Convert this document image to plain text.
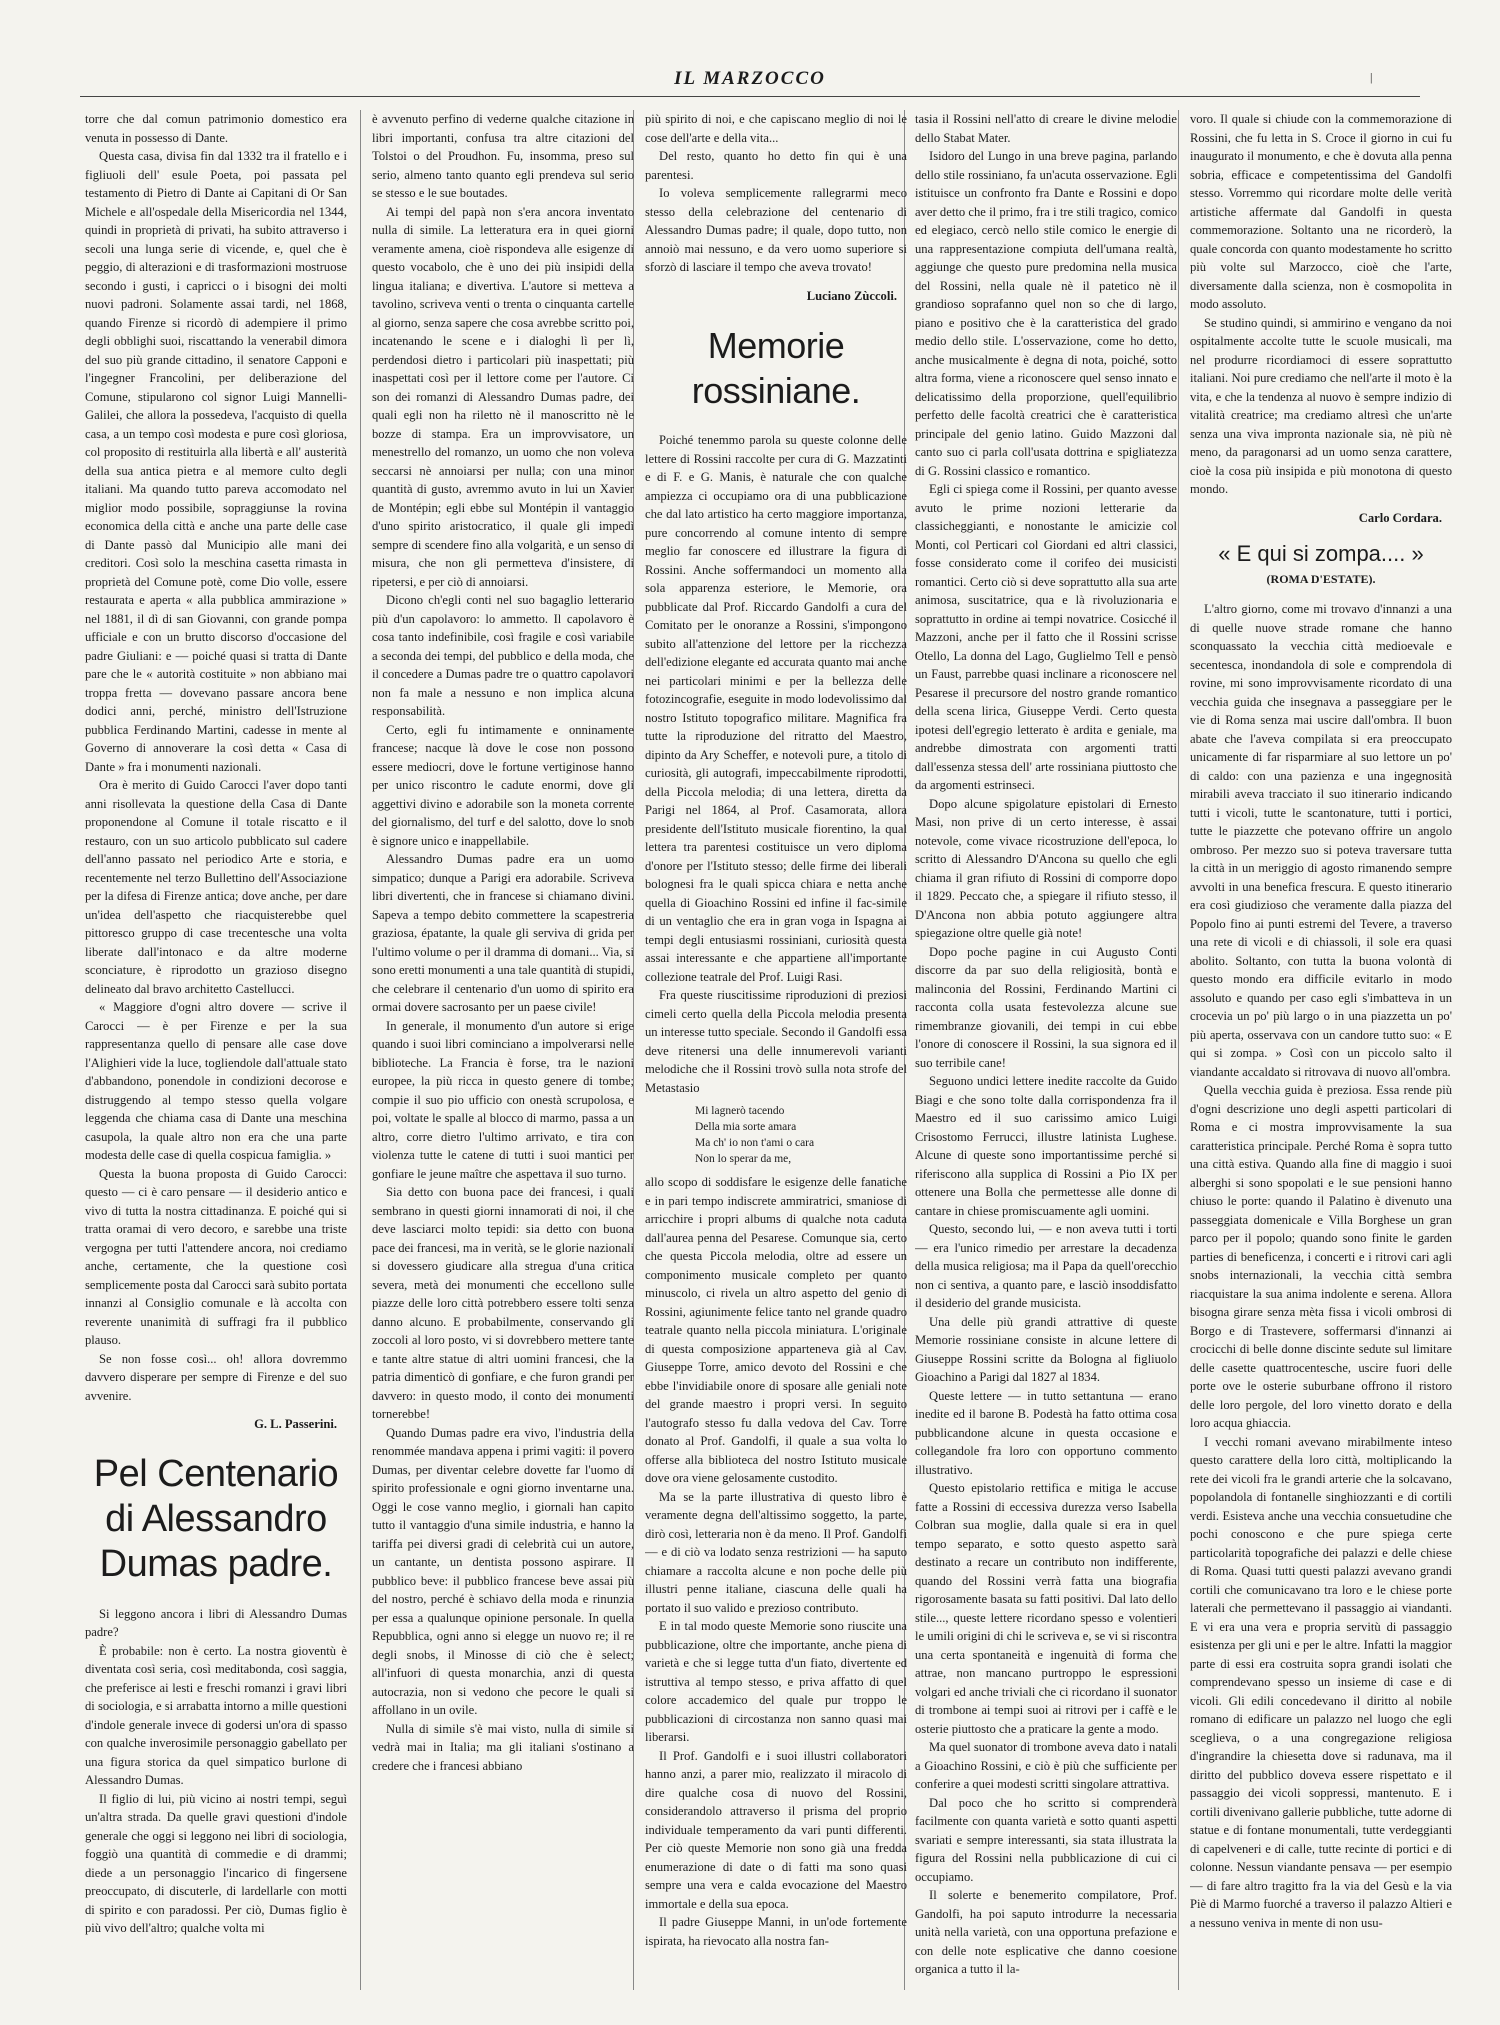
IL MARZOCCO	|

torre che dal comun patrimonio domestico era venuta in possesso di Dante.

Questa casa, divisa fin dal 1332 tra il fratello e i figliuoli dell' esule Poeta, poi passata pel testamento di Pietro di Dante ai Capitani di Or San Michele e all'ospedale della Misericordia nel 1344, quindi in proprietà di privati, ha subito attraverso i secoli una lunga serie di vicende, e, quel che è peggio, di alterazioni e di trasformazioni mostruose secondo i gusti, i capricci o i bisogni dei molti nuovi padroni. Solamente assai tardi, nel 1868, quando Firenze si ricordò di adempiere il primo degli obblighi suoi, riscattando la venerabil dimora del suo più grande cittadino, il senatore Capponi e l'ingegner Francolini, per deliberazione del Comune, stipularono col signor Luigi Mannelli-Galilei, che allora la possedeva, l'acquisto di quella casa, a un tempo così modesta e pure così gloriosa, col proposito di restituirla alla libertà e all' austerità della sua antica pietra e al memore culto degli italiani. Ma quando tutto pareva accomodato nel miglior modo possibile, sopraggiunse la rovina economica della città e anche una parte delle case di Dante passò dal Municipio alle mani dei creditori. Così solo la meschina casetta rimasta in proprietà del Comune potè, come Dio volle, essere restaurata e aperta « alla pubblica ammirazione » nel 1881, il dì di san Giovanni, con grande pompa ufficiale e con un brutto discorso d'occasione del padre Giuliani: e — poiché quasi si tratta di Dante pare che le « autorità costituite » non abbiano mai troppa fretta — dovevano passare ancora bene dodici anni, perché, ministro dell'Istruzione pubblica Ferdinando Martini, cadesse in mente al Governo di annoverare la così detta « Casa di Dante » fra i monumenti nazionali.

Ora è merito di Guido Carocci l'aver dopo tanti anni risollevata la questione della Casa di Dante proponendone al Comune il totale riscatto e il restauro, con un suo articolo pubblicato sul cadere dell'anno passato nel periodico Arte e storia, e recentemente nel terzo Bullettino dell'Associazione per la difesa di Firenze antica; dove anche, per dare un'idea dell'aspetto che riacquisterebbe quel pittoresco gruppo di case trecentesche una volta liberate dall'intonaco e da altre moderne sconciature, è riprodotto un grazioso disegno delineato dal bravo architetto Castellucci.

« Maggiore d'ogni altro dovere — scrive il Carocci — è per Firenze e per la sua rappresentanza quello di pensare alle case dove l'Alighieri vide la luce, togliendole dall'attuale stato d'abbandono, ponendole in condizioni decorose e distruggendo al tempo stesso quella volgare leggenda che chiama casa di Dante una meschina casupola, la quale altro non era che una parte modesta delle case di quella cospicua famiglia. »

Questa la buona proposta di Guido Carocci: questo — ci è caro pensare — il desiderio antico e vivo di tutta la nostra cittadinanza. E poiché qui si tratta oramai di vero decoro, e sarebbe una triste vergogna per tutti l'attendere ancora, noi crediamo anche, certamente, che la questione così semplicemente posta dal Carocci sarà subito portata innanzi al Consiglio comunale e là accolta con reverente unanimità di suffragi fra il pubblico plauso.

Se non fosse così... oh! allora dovremmo davvero disperare per sempre di Firenze e del suo avvenire.

G. L. Passerini.
Pel Centenario di Alessandro Dumas padre.

Si leggono ancora i libri di Alessandro Dumas padre?

È probabile: non è certo. La nostra gioventù è diventata così seria, così meditabonda, così saggia, che preferisce ai lesti e freschi romanzi i gravi libri di sociologia, e si arrabatta intorno a mille questioni d'indole generale invece di godersi un'ora di spasso con qualche inverosimile personaggio gabellato per una figura storica da quel simpatico burlone di Alessandro Dumas.

Il figlio di lui, più vicino ai nostri tempi, seguì un'altra strada. Da quelle gravi questioni d'indole generale che oggi si leggono nei libri di sociologia, foggiò una quantità di commedie e di drammi; diede a un personaggio l'incarico di fingersene preoccupato, di discuterle, di lardellarle con motti di spirito e con paradossi. Per ciò, Dumas figlio è più vivo dell'altro; qualche volta mi

è avvenuto perfino di vederne qualche citazione in libri importanti, confusa tra altre citazioni del Tolstoi o del Proudhon. Fu, insomma, preso sul serio, almeno tanto quanto egli prendeva sul serio se stesso e le sue boutades.

Ai tempi del papà non s'era ancora inventato nulla di simile. La letteratura era in quei giorni veramente amena, cioè rispondeva alle esigenze di questo vocabolo, che è uno dei più insipidi della lingua italiana; e divertiva. L'autore si metteva a tavolino, scriveva venti o trenta o cinquanta cartelle al giorno, senza sapere che cosa avrebbe scritto poi, incatenando le scene e i dialoghi lì per lì, perdendosi dietro i particolari più inaspettati; più inaspettati così per il lettore come per l'autore. Ci son dei romanzi di Alessandro Dumas padre, dei quali egli non ha riletto nè il manoscritto nè le bozze di stampa. Era un improvvisatore, un menestrello del romanzo, un uomo che non voleva seccarsi nè annoiarsi per nulla; con una minor quantità di gusto, avremmo avuto in lui un Xavier de Montépin; egli ebbe sul Montépin il vantaggio d'uno spirito aristocratico, il quale gli impedì sempre di scendere fino alla volgarità, e un senso di misura, che non gli permetteva d'insistere, di ripetersi, e per ciò di annoiarsi.

Dicono ch'egli conti nel suo bagaglio letterario più d'un capolavoro: lo ammetto. Il capolavoro è cosa tanto indefinibile, così fragile e così variabile a seconda dei tempi, del pubblico e della moda, che il concedere a Dumas padre tre o quattro capolavori non fa male a nessuno e non implica alcuna responsabilità.

Certo, egli fu intimamente e onninamente francese; nacque là dove le cose non possono essere mediocri, dove le fortune vertiginose hanno per unico riscontro le cadute enormi, dove gli aggettivi divino e adorabile son la moneta corrente del giornalismo, del turf e del salotto, dove lo snob è signore unico e inappellabile.

Alessandro Dumas padre era un uomo simpatico; dunque a Parigi era adorabile. Scriveva libri divertenti, che in francese si chiamano divini. Sapeva a tempo debito commettere la scapestreria graziosa, épatante, la quale gli serviva di grida per l'ultimo volume o per il dramma di domani... Via, si sono eretti monumenti a una tale quantità di stupidi, che celebrare il centenario d'un uomo di spirito era ormai dovere sacrosanto per un paese civile!

In generale, il monumento d'un autore si erige quando i suoi libri cominciano a impolverarsi nelle biblioteche. La Francia è forse, tra le nazioni europee, la più ricca in questo genere di tombe; compie il suo pio ufficio con onestà scrupolosa, e poi, voltate le spalle al blocco di marmo, passa a un altro, corre dietro l'ultimo arrivato, e tira con violenza tutte le catene di tutti i suoi mantici per gonfiare le jeune maître che aspettava il suo turno.

Sia detto con buona pace dei francesi, i quali sembrano in questi giorni innamorati di noi, il che deve lasciarci molto tepidi: sia detto con buona pace dei francesi, ma in verità, se le glorie nazionali si dovessero giudicare alla stregua d'una critica severa, metà dei monumenti che eccellono sulle piazze delle loro città potrebbero essere tolti senza danno alcuno. E probabilmente, conservando gli zoccoli al loro posto, vi si dovrebbero mettere tante e tante altre statue di altri uomini francesi, che la patria dimenticò di gonfiare, e che furon grandi per davvero: in questo modo, il conto dei monumenti tornerebbe!

Quando Dumas padre era vivo, l'industria della renommée mandava appena i primi vagiti: il povero Dumas, per diventar celebre dovette far l'uomo di spirito professionale e ogni giorno inventarne una. Oggi le cose vanno meglio, i giornali han capito tutto il vantaggio d'una simile industria, e hanno la tariffa pei diversi gradi di celebrità cui un autore, un cantante, un dentista possono aspirare. Il pubblico beve: il pubblico francese beve assai più del nostro, perché è schiavo della moda e rinunzia per essa a qualunque opinione personale. In quella Repubblica, ogni anno si elegge un nuovo re; il re degli snobs, il Minosse di ciò che è select; all'infuori di questa monarchia, anzi di questa autocrazia, non si vedono che pecore le quali si affollano in un ovile.

Nulla di simile s'è mai visto, nulla di simile si vedrà mai in Italia; ma gli italiani s'ostinano a credere che i francesi abbiano

più spirito di noi, e che capiscano meglio di noi le cose dell'arte e della vita...

Del resto, quanto ho detto fin qui è una parentesi.

Io voleva semplicemente rallegrarmi meco stesso della celebrazione del centenario di Alessandro Dumas padre; il quale, dopo tutto, non annoiò mai nessuno, e da vero uomo superiore si sforzò di lasciare il tempo che aveva trovato!

Luciano Zùccoli.
Memorie rossiniane.

Poiché tenemmo parola su queste colonne delle lettere di Rossini raccolte per cura di G. Mazzatinti e di F. e G. Manis, è naturale che con qualche ampiezza ci occupiamo ora di una pubblicazione che dal lato artistico ha certo maggiore importanza, pure concorrendo al comune intento di sempre meglio far conoscere ed illustrare la figura di Rossini. Anche soffermandoci un momento alla sola apparenza esteriore, le Memorie, ora pubblicate dal Prof. Riccardo Gandolfi a cura del Comitato per le onoranze a Rossini, s'impongono subito all'attenzione del lettore per la ricchezza dell'edizione elegante ed accurata quanto mai anche nei particolari minimi e per la bellezza delle fotozincografie, eseguite in modo lodevolissimo dal nostro Istituto topografico militare. Magnifica fra tutte la riproduzione del ritratto del Maestro, dipinto da Ary Scheffer, e notevoli pure, a titolo di curiosità, gli autografi, impeccabilmente riprodotti, della Piccola melodia; di una lettera, diretta da Parigi nel 1864, al Prof. Casamorata, allora presidente dell'Istituto musicale fiorentino, la qual lettera tra parentesi costituisce un vero diploma d'onore per l'Istituto stesso; delle firme dei liberali bolognesi fra le quali spicca chiara e netta anche quella di Gioachino Rossini ed infine il fac-simile di un ventaglio che era in gran voga in Ispagna ai tempi degli entusiasmi rossiniani, curiosità questa assai interessante e che appartiene all'importante collezione teatrale del Prof. Luigi Rasi.

Fra queste riuscitissime riproduzioni di preziosi cimeli certo quella della Piccola melodia presenta un interesse tutto speciale. Secondo il Gandolfi essa deve ritenersi una delle innumerevoli varianti melodiche che il Rossini trovò sulla nota strofe del Metastasio

Mi lagnerò tacendo
Della mia sorte amara
Ma ch' io non t'ami o cara
Non lo sperar da me,

allo scopo di soddisfare le esigenze delle fanatiche e in pari tempo indiscrete ammiratrici, smaniose di arricchire i propri albums di qualche nota caduta dall'aurea penna del Pesarese. Comunque sia, certo che questa Piccola melodia, oltre ad essere un componimento musicale completo per quanto minuscolo, ci rivela un altro aspetto del genio di Rossini, agiunimente felice tanto nel grande quadro teatrale quanto nella piccola miniatura. L'originale di questa composizione apparteneva già al Cav. Giuseppe Torre, amico devoto del Rossini e che ebbe l'invidiabile onore di sposare alle geniali note del grande maestro i propri versi. In seguito l'autografo stesso fu dalla vedova del Cav. Torre donato al Prof. Gandolfi, il quale a sua volta lo offerse alla biblioteca del nostro Istituto musicale dove ora viene gelosamente custodito.

Ma se la parte illustrativa di questo libro è veramente degna dell'altissimo soggetto, la parte, dirò così, letteraria non è da meno. Il Prof. Gandolfi — e di ciò va lodato senza restrizioni — ha saputo chiamare a raccolta alcune e non poche delle più illustri penne italiane, ciascuna delle quali ha portato il suo valido e prezioso contributo.

E in tal modo queste Memorie sono riuscite una pubblicazione, oltre che importante, anche piena di varietà e che si legge tutta d'un fiato, divertente ed istruttiva al tempo stesso, e priva affatto di quel colore accademico del quale pur troppo le pubblicazioni di circostanza non sanno quasi mai liberarsi.

Il Prof. Gandolfi e i suoi illustri collaboratori hanno anzi, a parer mio, realizzato il miracolo di dire qualche cosa di nuovo del Rossini, considerandolo attraverso il prisma del proprio individuale temperamento da vari punti differenti. Per ciò queste Memorie non sono già una fredda enumerazione di date o di fatti ma sono quasi sempre una vera e calda evocazione del Maestro immortale e della sua epoca.

Il padre Giuseppe Manni, in un'ode fortemente ispirata, ha rievocato alla nostra fan-

tasia il Rossini nell'atto di creare le divine melodie dello Stabat Mater.

Isidoro del Lungo in una breve pagina, parlando dello stile rossiniano, fa un'acuta osservazione. Egli istituisce un confronto fra Dante e Rossini e dopo aver detto che il primo, fra i tre stili tragico, comico ed elegiaco, cercò nello stile comico le energie di una rappresentazione compiuta dell'umana realtà, aggiunge che questo pure predomina nella musica del Rossini, nella quale nè il patetico nè il grandioso soprafanno quel non so che di largo, piano e positivo che è la caratteristica del grado medio dello stile. L'osservazione, come ho detto, anche musicalmente è degna di nota, poiché, sotto altra forma, viene a riconoscere quel senso innato e delicatissimo della proporzione, quell'equilibrio perfetto delle facoltà creatrici che è caratteristica principale del genio latino. Guido Mazzoni dal canto suo ci parla coll'usata dottrina e spigliatezza di G. Rossini classico e romantico.

Egli ci spiega come il Rossini, per quanto avesse avuto le prime nozioni letterarie da classicheggianti, e nonostante le amicizie col Monti, col Perticari col Giordani ed altri classici, fosse considerato come il corifeo dei musicisti romantici. Certo ciò si deve soprattutto alla sua arte animosa, suscitatrice, qua e là rivoluzionaria e soprattutto in ordine ai tempi novatrice. Cosicché il Mazzoni, anche per il fatto che il Rossini scrisse Otello, La donna del Lago, Guglielmo Tell e pensò un Faust, parrebbe quasi inclinare a riconoscere nel Pesarese il precursore del nostro grande romantico della scena lirica, Giuseppe Verdi. Certo questa ipotesi dell'egregio letterato è ardita e geniale, ma andrebbe dimostrata con argomenti tratti dall'essenza stessa dell' arte rossiniana piuttosto che da argomenti estrinseci.

Dopo alcune spigolature epistolari di Ernesto Masi, non prive di un certo interesse, è assai notevole, come vivace ricostruzione dell'epoca, lo scritto di Alessandro D'Ancona su quello che egli chiama il gran rifiuto di Rossini di comporre dopo il 1829. Peccato che, a spiegare il rifiuto stesso, il D'Ancona non abbia potuto aggiungere altra spiegazione oltre quelle già note!

Dopo poche pagine in cui Augusto Conti discorre da par suo della religiosità, bontà e malinconia del Rossini, Ferdinando Martini ci racconta colla usata festevolezza alcune sue rimembranze giovanili, dei tempi in cui ebbe l'onore di conoscere il Rossini, la sua signora ed il suo terribile cane!

Seguono undici lettere inedite raccolte da Guido Biagi e che sono tolte dalla corrispondenza fra il Maestro ed il suo carissimo amico Luigi Crisostomo Ferrucci, illustre latinista Lughese. Alcune di queste sono importantissime perché si riferiscono alla supplica di Rossini a Pio IX per ottenere una Bolla che permettesse alle donne di cantare in chiese promiscuamente agli uomini.

Questo, secondo lui, — e non aveva tutti i torti — era l'unico rimedio per arrestare la decadenza della musica religiosa; ma il Papa da quell'orecchio non ci sentiva, a quanto pare, e lasciò insoddisfatto il desiderio del grande musicista.

Una delle più grandi attrattive di queste Memorie rossiniane consiste in alcune lettere di Giuseppe Rossini scritte da Bologna al figliuolo Gioachino a Parigi dal 1827 al 1834.

Queste lettere — in tutto settantuna — erano inedite ed il barone B. Podestà ha fatto ottima cosa pubblicandone alcune in questa occasione e collegandole fra loro con opportuno commento illustrativo.

Questo epistolario rettifica e mitiga le accuse fatte a Rossini di eccessiva durezza verso Isabella Colbran sua moglie, dalla quale si era in quel tempo separato, e sotto questo aspetto sarà destinato a recare un contributo non indifferente, quando del Rossini verrà fatta una biografia rigorosamente basata su fatti positivi. Dal lato dello stile..., queste lettere ricordano spesso e volentieri le umili origini di chi le scriveva e, se vi si riscontra una certa spontaneità e ingenuità di forma che attrae, non mancano purtroppo le espressioni volgari ed anche triviali che ci ricordano il suonator di trombone ai tempi suoi ai ritrovi per i caffè e le osterie piuttosto che a praticare la gente a modo.

Ma quel suonator di trombone aveva dato i natali a Gioachino Rossini, e ciò è più che sufficiente per conferire a quei modesti scritti singolare attrattiva.

Dal poco che ho scritto si comprenderà facilmente con quanta varietà e sotto quanti aspetti svariati e sempre interessanti, sia stata illustrata la figura del Rossini nella pubblicazione di cui ci occupiamo.

Il solerte e benemerito compilatore, Prof. Gandolfi, ha poi saputo introdurre la necessaria unità nella varietà, con una opportuna prefazione e con delle note esplicative che danno coesione organica a tutto il la-

voro. Il quale si chiude con la commemorazione di Rossini, che fu letta in S. Croce il giorno in cui fu inaugurato il monumento, e che è dovuta alla penna sobria, efficace e competentissima del Gandolfi stesso. Vorremmo qui ricordare molte delle verità artistiche affermate dal Gandolfi in questa commemorazione. Soltanto una ne ricorderò, la quale concorda con quanto modestamente ho scritto più volte sul Marzocco, cioè che l'arte, diversamente dalla scienza, non è cosmopolita in modo assoluto.

Se studino quindi, si ammirino e vengano da noi ospitalmente accolte tutte le scuole musicali, ma nel produrre ricordiamoci di essere soprattutto italiani. Noi pure crediamo che nell'arte il moto è la vita, e che la tendenza al nuovo è sempre indizio di vitalità creatrice; ma crediamo altresì che un'arte senza una viva impronta nazionale sia, nè più nè meno, da paragonarsi ad un uomo senza carattere, cioè la cosa più insipida e più monotona di questo mondo.

Carlo Cordara.
« E qui si zompa.... »
(ROMA D'ESTATE).

L'altro giorno, come mi trovavo d'innanzi a una di quelle nuove strade romane che hanno sconquassato la vecchia città medioevale e secentesca, inondandola di sole e comprendola di rovine, mi sono improvvisamente ricordato di una vecchia guida che insegnava a passeggiare per le vie di Roma senza mai uscire dall'ombra. Il buon abate che l'aveva compilata si era preoccupato unicamente di far risparmiare al suo lettore un po' di caldo: con una pazienza e una ingegnosità mirabili aveva tracciato il suo itinerario indicando tutti i vicoli, tutte le scantonature, tutti i portici, tutte le piazzette che potevano offrire un angolo ombroso. Per mezzo suo si poteva traversare tutta la città in un meriggio di agosto rimanendo sempre avvolti in una benefica frescura. E questo itinerario era così giudizioso che veramente dalla piazza del Popolo fino ai punti estremi del Tevere, a traverso una rete di vicoli e di chiassoli, il sole era quasi abolito. Soltanto, con tutta la buona volontà di questo mondo era difficile evitarlo in modo assoluto e quando per caso egli s'imbatteva in un crocevia un po' più largo o in una piazzetta un po' più aperta, osservava con un candore tutto suo: « E qui si zompa. » Così con un piccolo salto il viandante accaldato si ritrovava di nuovo all'ombra.

Quella vecchia guida è preziosa. Essa rende più d'ogni descrizione uno degli aspetti particolari di Roma e ci mostra improvvisamente la sua caratteristica principale. Perché Roma è sopra tutto una città estiva. Quando alla fine di maggio i suoi alberghi si sono spopolati e le sue pensioni hanno chiuso le porte: quando il Palatino è divenuto una passeggiata domenicale e Villa Borghese un gran parco per il popolo; quando sono finite le garden parties di beneficenza, i concerti e i ritrovi cari agli snobs internazionali, la vecchia città sembra riacquistare la sua anima indolente e serena. Allora bisogna girare senza mèta fissa i vicoli ombrosi di Borgo e di Trastevere, soffermarsi d'innanzi ai crocicchi di belle donne discinte sedute sul limitare delle casette quattrocentesche, uscire fuori delle porte ove le osterie suburbane offrono il ristoro delle loro pergole, del loro vinetto dorato e della loro acqua ghiaccia.

I vecchi romani avevano mirabilmente inteso questo carattere della loro città, moltiplicando la rete dei vicoli fra le grandi arterie che la solcavano, popolandola di fontanelle singhiozzanti e di cortili verdi. Esisteva anche una vecchia consuetudine che pochi conoscono e che pure spiega certe particolarità topografiche dei palazzi e delle chiese di Roma. Quasi tutti questi palazzi avevano grandi cortili che comunicavano tra loro e le chiese porte laterali che permettevano il passaggio ai viandanti. E vi era una vera e propria servitù di passaggio esistenza per gli uni e per le altre. Infatti la maggior parte di essi era costruita sopra grandi isolati che comprendevano spesso un insieme di case e di vicoli. Gli edili concedevano il diritto al nobile romano di edificare un palazzo nel luogo che egli sceglieva, o a una congregazione religiosa d'ingrandire la chiesetta dove si radunava, ma il diritto del pubblico doveva essere rispettato e il passaggio dei vicoli soppressi, mantenuto. E i cortili divenivano gallerie pubbliche, tutte adorne di statue e di fontane monumentali, tutte verdeggianti di capelveneri e di calle, tutte recinte di portici e di colonne. Nessun viandante pensava — per esempio — di fare altro tragitto fra la via del Gesù e la via Piè di Marmo fuorché a traverso il palazzo Altieri e a nessuno veniva in mente di non usu-
